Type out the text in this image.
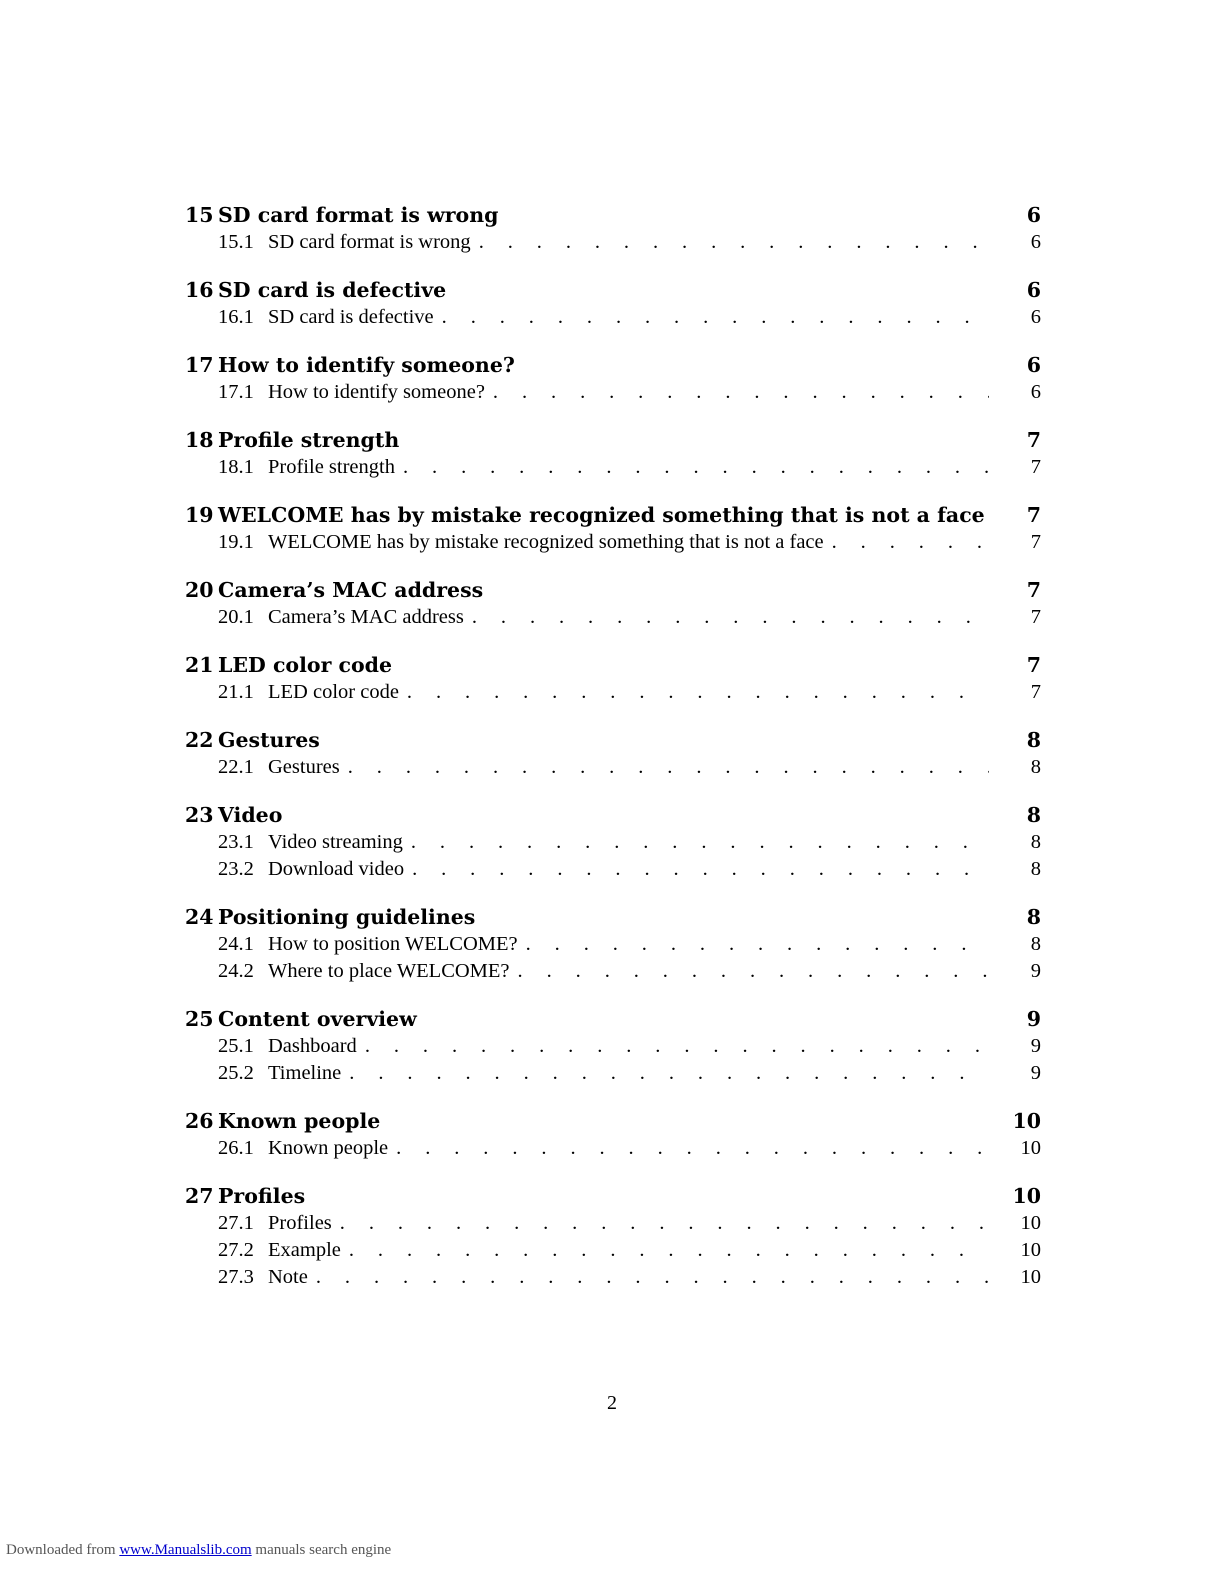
15 SD card format is wrong	6
15.1 SD card format is wrong . . .	6
16 SD card is defective	6
16.1 SD card is defective . . .	6
17 How to identify someone?	6
17.1 How to identify someone? . . .	6
18 Profile strength	7
18.1 Profile strength . . .	7
19 WELCOME has by mistake recognized something that is not a face	7
19.1 WELCOME has by mistake recognized something that is not a face . . .	7
20 Camera’s MAC address	7
20.1 Camera’s MAC address . . .	7
21 LED color code	7
21.1 LED color code . . .	7
22 Gestures	8
22.1 Gestures . . .	8
23 Video	8
23.1 Video streaming . . .	8
23.2 Download video . . .	8
24 Positioning guidelines	8
24.1 How to position WELCOME? . . .	8
24.2 Where to place WELCOME? . . .	9
25 Content overview	9
25.1 Dashboard . . .	9
25.2 Timeline . . .	9
26 Known people	10
26.1 Known people . . .	10
27 Profiles	10
27.1 Profiles . . .	10
27.2 Example . . .	10
27.3 Note . . .	10
2
Downloaded from www.Manualslib.com manuals search engine
